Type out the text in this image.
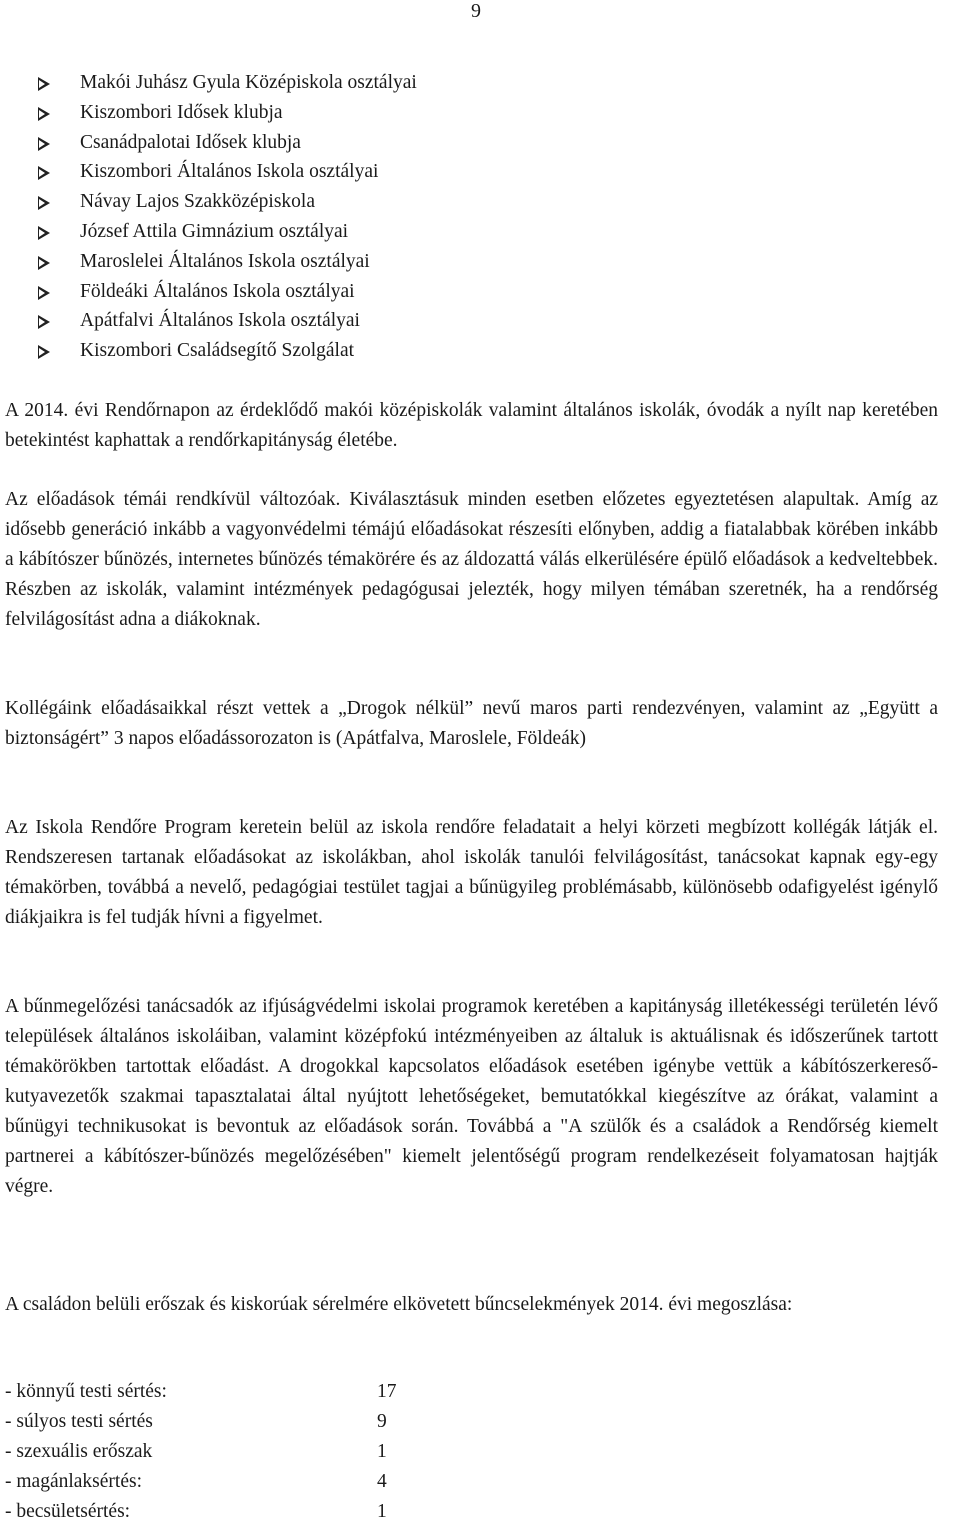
9
Makói Juhász Gyula Középiskola osztályai
Kiszombori Idősek klubja
Csanádpalotai Idősek klubja
Kiszombori Általános Iskola osztályai
Návay Lajos Szakközépiskola
József Attila Gimnázium osztályai
Maroslelei Általános Iskola osztályai
Földeáki Általános Iskola osztályai
Apátfalvi Általános Iskola osztályai
Kiszombori Családsegítő Szolgálat

A 2014. évi Rendőrnapon az érdeklődő makói középiskolák valamint általános iskolák, óvodák a nyílt nap keretében betekintést kaphattak a rendőrkapitányság életébe.

Az előadások témái rendkívül változóak. Kiválasztásuk minden esetben előzetes egyeztetésen alapultak. Amíg az idősebb generáció inkább a vagyonvédelmi témájú előadásokat részesíti előnyben, addig a fiatalabbak körében inkább a kábítószer bűnözés, internetes bűnözés témakörére és az áldozattá válás elkerülésére épülő előadások a kedveltebbek. Részben az iskolák, valamint intézmények pedagógusai jelezték, hogy milyen témában szeretnék, ha a rendőrség felvilágosítást adna a diákoknak.

Kollégáink előadásaikkal részt vettek a „Drogok nélkül” nevű maros parti rendezvényen, valamint az „Együtt a biztonságért” 3 napos előadássorozaton is (Apátfalva, Maroslele, Földeák)

Az Iskola Rendőre Program keretein belül az iskola rendőre feladatait a helyi körzeti megbízott kollégák látják el. Rendszeresen tartanak előadásokat az iskolákban, ahol iskolák tanulói felvilágosítást, tanácsokat kapnak egy-egy témakörben, továbbá a nevelő, pedagógiai testület tagjai a bűnügyileg problémásabb, különösebb odafigyelést igénylő diákjaikra is fel tudják hívni a figyelmet.

A bűnmegelőzési tanácsadók az ifjúságvédelmi iskolai programok keretében a kapitányság illetékességi területén lévő települések általános iskoláiban, valamint középfokú intézményeiben az általuk is aktuálisnak és időszerűnek tartott témakörökben tartottak előadást. A drogokkal kapcsolatos előadások esetében igénybe vettük a kábítószerkereső-kutyavezetők szakmai tapasztalatai által nyújtott lehetőségeket, bemutatókkal kiegészítve az órákat, valamint a bűnügyi technikusokat is bevontuk az előadások során. Továbbá a "A szülők és a családok a Rendőrség kiemelt partnerei a kábítószer-bűnözés megelőzésében" kiemelt jelentőségű program rendelkezéseit folyamatosan hajtják végre.

A családon belüli erőszak és kiskorúak sérelmére elkövetett bűncselekmények 2014. évi megoszlása:

- könnyű testi sértés:	17
- súlyos testi sértés	9
- szexuális erőszak	1
- magánlaksértés:	4
- becsületsértés:	1
